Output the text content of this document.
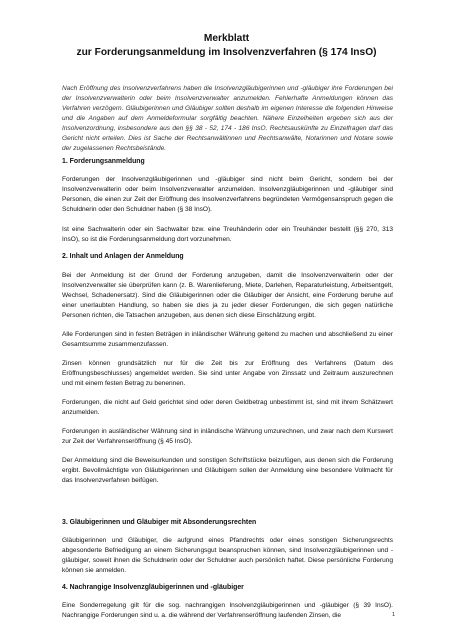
Merkblatt
zur Forderungsanmeldung im Insolvenzverfahren (§ 174 InsO)

Nach Eröffnung des Insolvenzverfahrens haben die Insolvenzgläubigerinnen und -gläubiger ihre Forderungen bei der Insolvenzverwalterin oder beim Insolvenzverwalter anzumelden. Fehlerhafte Anmeldungen können das Verfahren verzögern. Gläubigerinnen und Gläubiger sollten deshalb im eigenen Interesse die folgenden Hinweise und die Angaben auf dem Anmeldeformular sorgfältig beachten. Nähere Einzelheiten ergeben sich aus der Insolvenzordnung, insbesondere aus den §§ 38 - 52, 174 - 186 InsO. Rechtsauskünfte zu Einzelfragen darf das Gericht nicht erteilen. Dies ist Sache der Rechtsanwältinnen und Rechtsanwälte, Notarinnen und Notare sowie der zugelassenen Rechtsbeistände.

1. Forderungsanmeldung

Forderungen der Insolvenzgläubigerinnen und -gläubiger sind nicht beim Gericht, sondern bei der Insolvenzverwalterin oder beim Insolvenzverwalter anzumelden. Insolvenzgläubigerinnen und -gläubiger sind Personen, die einen zur Zeit der Eröffnung des Insolvenzverfahrens begründeten Vermögensanspruch gegen die Schuldnerin oder den Schuldner haben (§ 38 InsO).

Ist eine Sachwalterin oder ein Sachwalter bzw. eine Treuhänderin oder ein Treuhänder bestellt (§§ 270, 313 InsO), so ist die Forderungsanmeldung dort vorzunehmen.

2. Inhalt und Anlagen der Anmeldung

Bei der Anmeldung ist der Grund der Forderung anzugeben, damit die Insolvenzverwalterin oder der Insolvenzverwalter sie überprüfen kann (z. B. Warenlieferung, Miete, Darlehen, Reparaturleistung, Arbeitsentgelt, Wechsel, Schadenersatz). Sind die Gläubigerinnen oder die Gläubiger der Ansicht, eine Forderung beruhe auf einer unerlaubten Handlung, so haben sie dies ja zu jeder dieser Forderungen, die sich gegen natürliche Personen richten, die Tatsachen anzugeben, aus denen sich diese Einschätzung ergibt.

Alle Forderungen sind in festen Beträgen in inländischer Währung geltend zu machen und abschließend zu einer Gesamtsumme zusammenzufassen.

Zinsen können grundsätzlich nur für die Zeit bis zur Eröffnung des Verfahrens (Datum des Eröffnungsbeschlusses) angemeldet werden. Sie sind unter Angabe von Zinssatz und Zeitraum auszurechnen und mit einem festen Betrag zu benennen.

Forderungen, die nicht auf Geld gerichtet sind oder deren Geldbetrag unbestimmt ist, sind mit ihrem Schätzwert anzumelden.

Forderungen in ausländischer Währung sind in inländische Währung umzurechnen, und zwar nach dem Kurswert zur Zeit der Verfahrenseröffnung (§ 45 InsO).

Der Anmeldung sind die Beweisurkunden und sonstigen Schriftstücke beizufügen, aus denen sich die Forderung ergibt. Bevollmächtigte von Gläubigerinnen und Gläubigern sollen der Anmeldung eine besondere Vollmacht für das Insolvenzverfahren beifügen.

3. Gläubigerinnen und Gläubiger mit Absonderungsrechten

Gläubigerinnen und Gläubiger, die aufgrund eines Pfandrechts oder eines sonstigen Sicherungsrechts abgesonderte Befriedigung an einem Sicherungsgut beanspruchen können, sind Insolvenzgläubigerinnen und -gläubiger, soweit ihnen die Schuldnerin oder der Schuldner auch persönlich haftet. Diese persönliche Forderung können sie anmelden.

4. Nachrangige Insolvenzgläubigerinnen und -gläubiger

Eine Sonderregelung gilt für die sog. nachrangigen Insolvenzgläubigerinnen und -gläubiger (§ 39 InsO). Nachrangige Forderungen sind u. a. die während der Verfahrenseröffnung laufenden Zinsen, die	1
